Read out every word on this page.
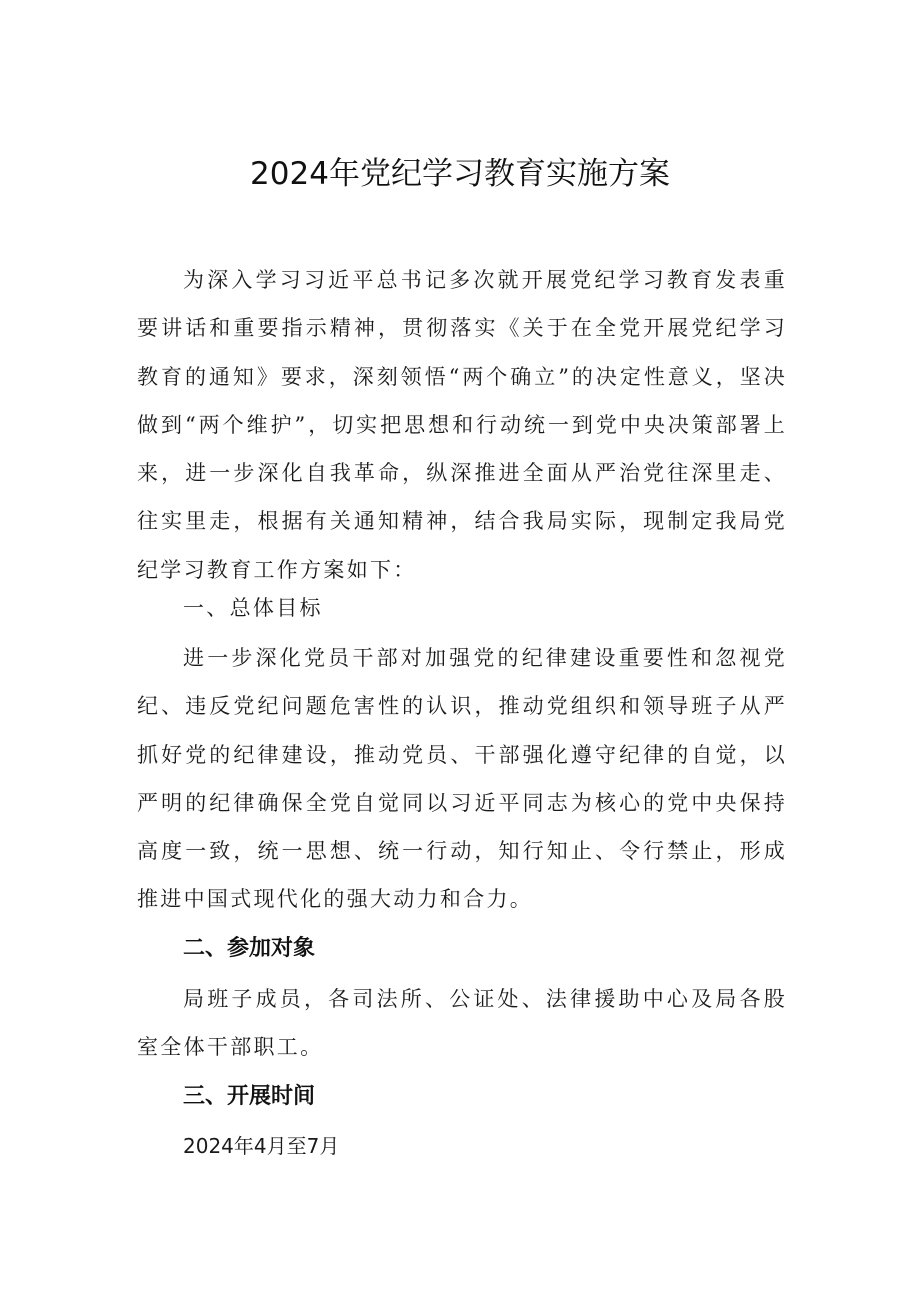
2024年党纪学习教育实施方案

为深入学习习近平总书记多次就开展党纪学习教育发表重要讲话和重要指示精神，贯彻落实《关于在全党开展党纪学习教育的通知》要求，深刻领悟“两个确立”的决定性意义，坚决做到“两个维护”，切实把思想和行动统一到党中央决策部署上来，进一步深化自我革命，纵深推进全面从严治党往深里走、往实里走，根据有关通知精神，结合我局实际，现制定我局党纪学习教育工作方案如下：

一、总体目标

进一步深化党员干部对加强党的纪律建设重要性和忽视党纪、违反党纪问题危害性的认识，推动党组织和领导班子从严抓好党的纪律建设，推动党员、干部强化遵守纪律的自觉，以严明的纪律确保全党自觉同以习近平同志为核心的党中央保持高度一致，统一思想、统一行动，知行知止、令行禁止，形成推进中国式现代化的强大动力和合力。

二、参加对象

局班子成员，各司法所、公证处、法律援助中心及局各股室全体干部职工。

三、开展时间

2024年4月至7月
